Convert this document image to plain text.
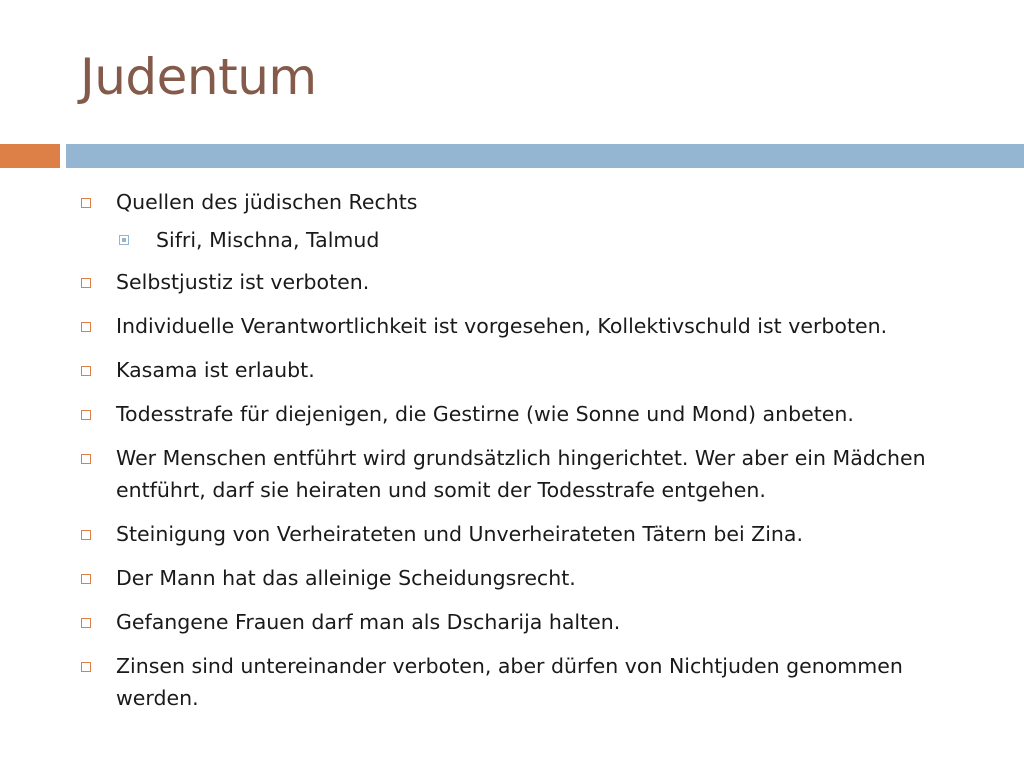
Judentum
Quellen des jüdischen Rechts
Sifri, Mischna, Talmud
Selbstjustiz ist verboten.
Individuelle Verantwortlichkeit ist vorgesehen, Kollektivschuld ist verboten.
Kasama ist erlaubt.
Todesstrafe für diejenigen, die Gestirne (wie Sonne und Mond) anbeten.
Wer Menschen entführt wird grundsätzlich hingerichtet. Wer aber ein Mädchen entführt, darf sie heiraten und somit der Todesstrafe entgehen.
Steinigung von Verheirateten und Unverheirateten Tätern bei Zina.
Der Mann hat das alleinige Scheidungsrecht.
Gefangene Frauen darf man als Dscharija halten.
Zinsen sind untereinander verboten, aber dürfen von Nichtjuden genommen werden.
